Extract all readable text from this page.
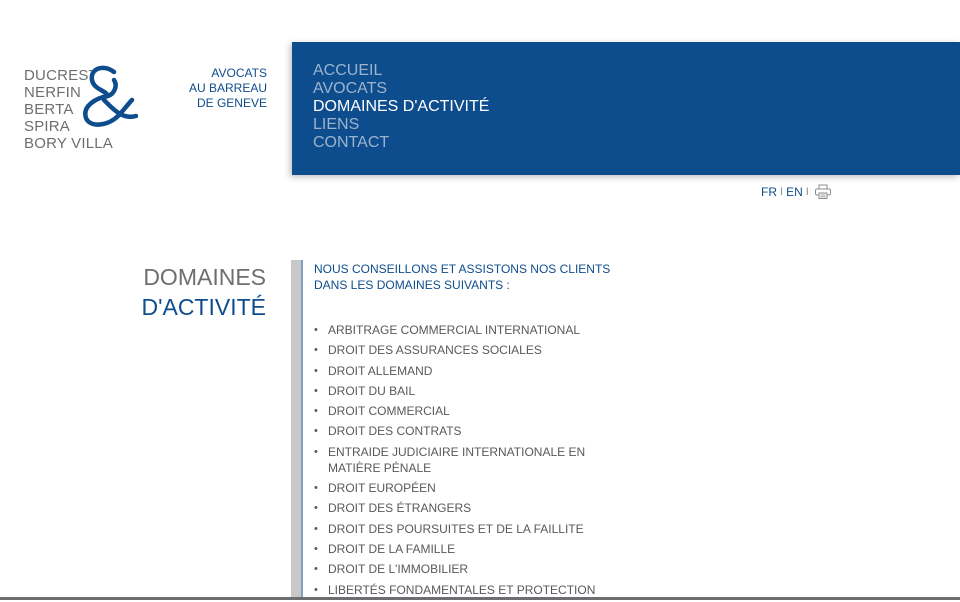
DUCREST
NERFIN
BERTA
SPIRA
BORY VILLA
AVOCATS
AU BARREAU
DE GENEVE
ACCUEIL
AVOCATS
DOMAINES D'ACTIVITÉ
LIENS
CONTACT
FR I EN I
DOMAINES
D'ACTIVITÉ

NOUS CONSEILLONS ET ASSISTONS NOS CLIENTS DANS LES DOMAINES SUIVANTS :

• ARBITRAGE COMMERCIAL INTERNATIONAL
• DROIT DES ASSURANCES SOCIALES
• DROIT ALLEMAND
• DROIT DU BAIL
• DROIT COMMERCIAL
• DROIT DES CONTRATS
• ENTRAIDE JUDICIAIRE INTERNATIONALE EN MATIÈRE PÉNALE
• DROIT EUROPÉEN
• DROIT DES ÉTRANGERS
• DROIT DES POURSUITES ET DE LA FAILLITE
• DROIT DE LA FAMILLE
• DROIT DE L'IMMOBILIER
• LIBERTÉS FONDAMENTALES ET PROTECTION
